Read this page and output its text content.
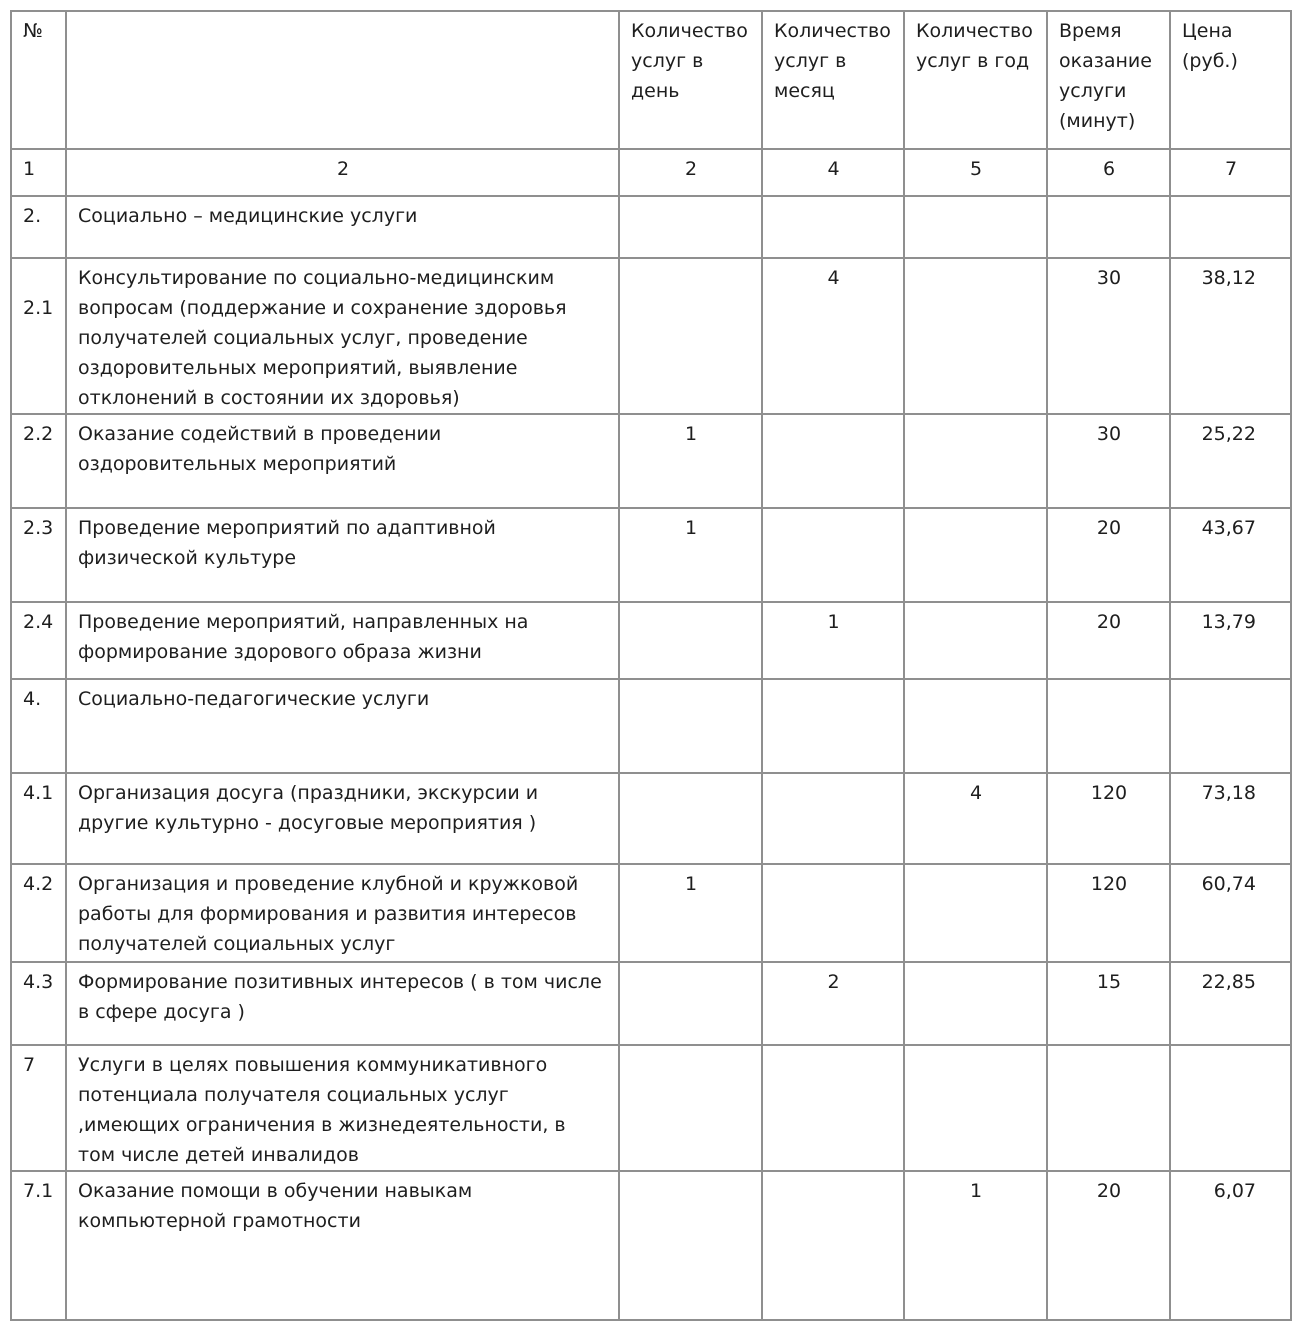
№		Количество услуг в день	Количество услуг в месяц	Количество услуг в год	Время оказание услуги (минут)	Цена (руб.)
1	2	2	4	5	6	7
2.	Социально – медицинские услуги					
2.1	Консультирование по социально-медицинским вопросам (поддержание и сохранение здоровья получателей социальных услуг, проведение оздоровительных мероприятий, выявление отклонений в состоянии их здоровья)		4		30	38,12
2.2	Оказание содействий в проведении оздоровительных мероприятий	1			30	25,22
2.3	Проведение мероприятий по адаптивной физической культуре	1			20	43,67
2.4	Проведение мероприятий, направленных на формирование здорового образа жизни		1		20	13,79
4.	Социально-педагогические услуги					
4.1	Организация досуга (праздники, экскурсии и другие культурно - досуговые мероприятия )			4	120	73,18
4.2	Организация и проведение клубной и кружковой работы для формирования и развития интересов получателей социальных услуг	1			120	60,74
4.3	Формирование позитивных интересов ( в том числе в сфере досуга )		2		15	22,85
7	Услуги в целях повышения коммуникативного потенциала получателя социальных услуг ,имеющих ограничения в жизнедеятельности, в том числе детей инвалидов					
7.1	Оказание помощи в обучении навыкам компьютерной грамотности			1	20	6,07
